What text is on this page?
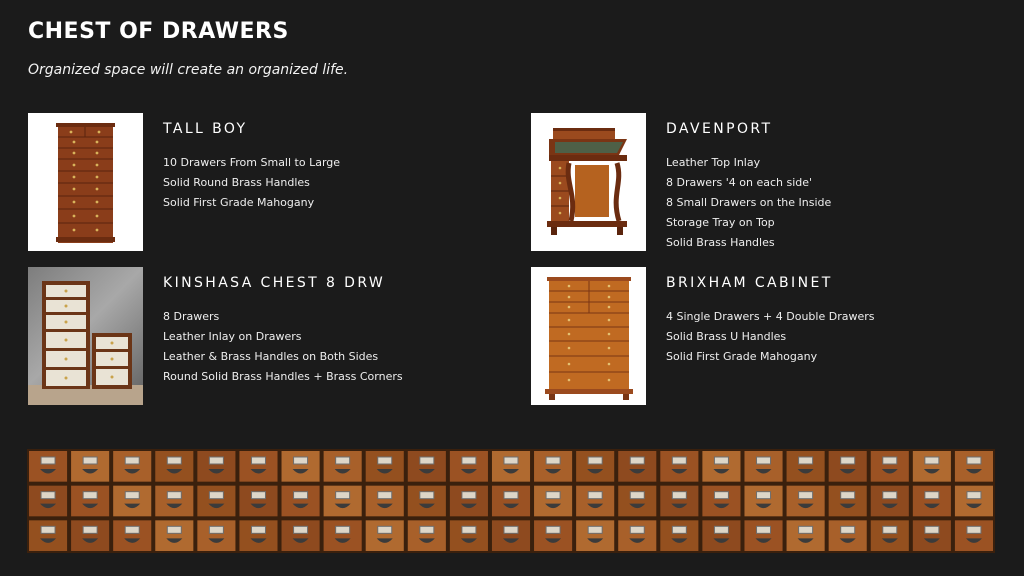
CHEST OF DRAWERS
Organized space will create an organized life.
TALL BOY
10 Drawers From Small to Large
Solid Round Brass Handles
Solid First Grade Mahogany
DAVENPORT
Leather Top Inlay
8 Drawers '4 on each side'
8 Small Drawers on the Inside
Storage Tray on Top
Solid Brass Handles
KINSHASA CHEST 8 DRW
8 Drawers
Leather Inlay on Drawers
Leather & Brass Handles on Both Sides
Round Solid Brass Handles + Brass Corners
BRIXHAM CABINET
4 Single Drawers + 4 Double Drawers
Solid Brass U Handles
Solid First Grade Mahogany
